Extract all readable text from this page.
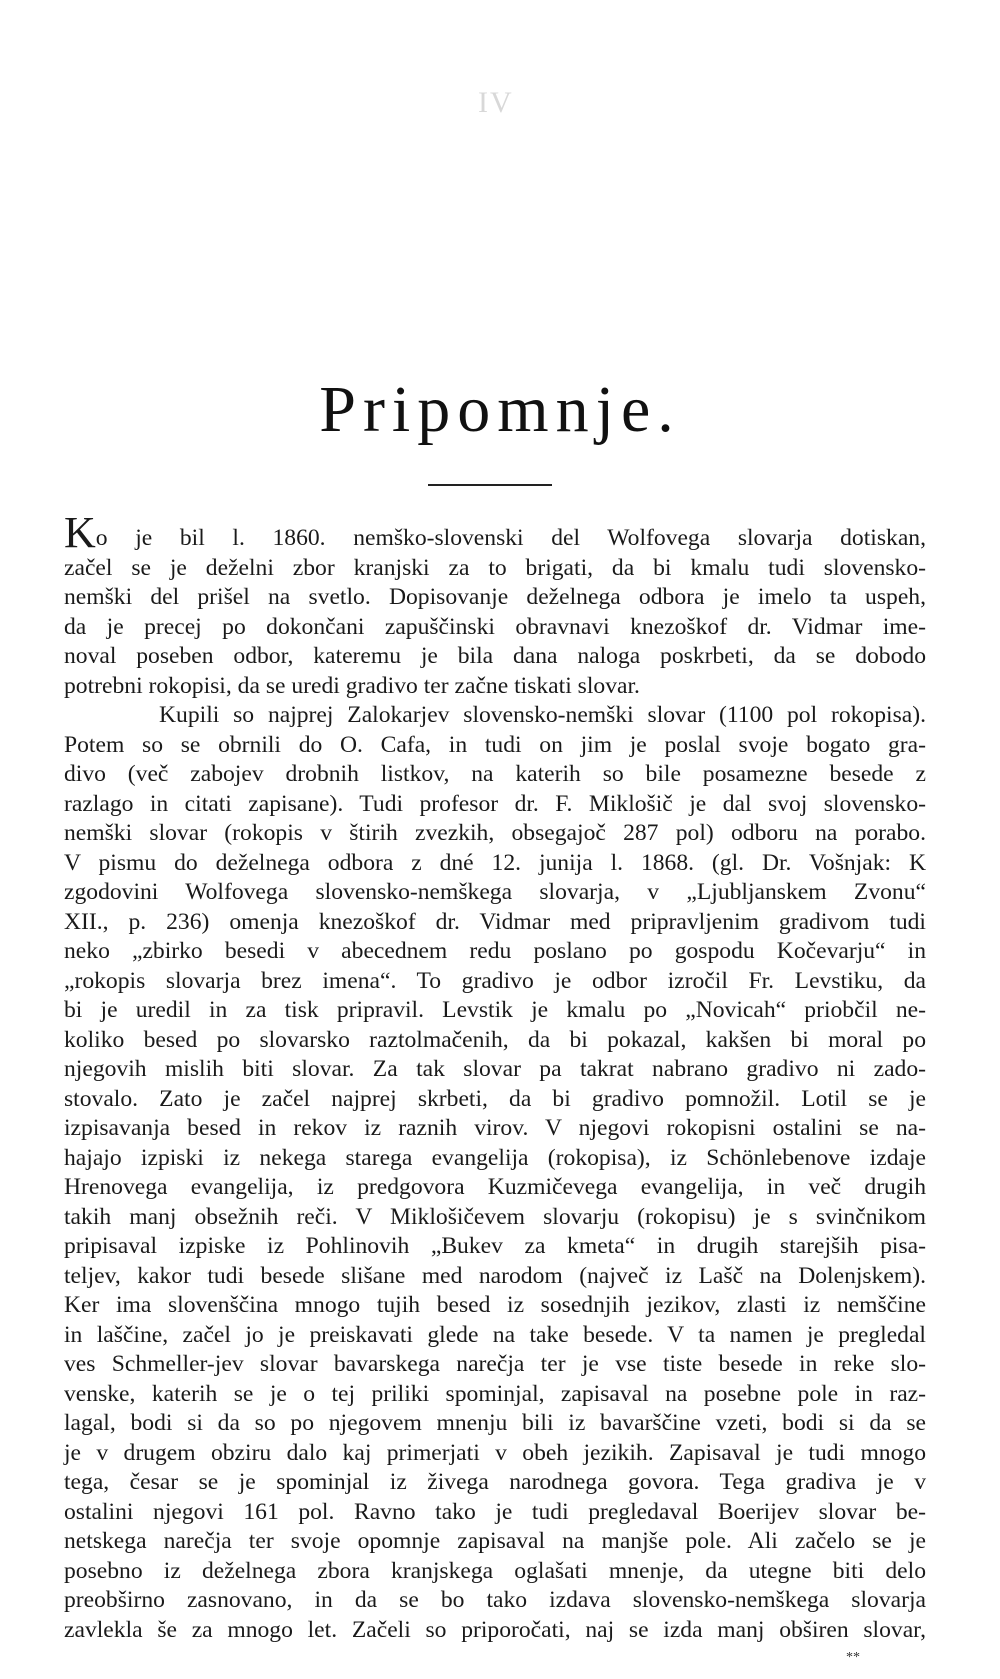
IV
Pripomnje.
Ko je bil l. 1860. nemško-slovenski del Wolfovega slovarja dotiskan,
začel se je deželni zbor kranjski za to brigati, da bi kmalu tudi slovensko-
nemški del prišel na svetlo. Dopisovanje deželnega odbora je imelo ta uspeh,
da je precej po dokončani zapuščinski obravnavi knezoškof dr. Vidmar ime-
noval poseben odbor, kateremu je bila dana naloga poskrbeti, da se dobodo
potrebni rokopisi, da se uredi gradivo ter začne tiskati slovar.
Kupili so najprej Zalokarjev slovensko-nemški slovar (1100 pol rokopisa).
Potem so se obrnili do O. Cafa, in tudi on jim je poslal svoje bogato gra-
divo (več zabojev drobnih listkov, na katerih so bile posamezne besede z
razlago in citati zapisane). Tudi profesor dr. F. Miklošič je dal svoj slovensko-
nemški slovar (rokopis v štirih zvezkih, obsegajoč 287 pol) odboru na porabo.
V pismu do deželnega odbora z dné 12. junija l. 1868. (gl. Dr. Vošnjak: K
zgodovini Wolfovega slovensko-nemškega slovarja, v „Ljubljanskem Zvonu“
XII., p. 236) omenja knezoškof dr. Vidmar med pripravljenim gradivom tudi
neko „zbirko besedi v abecednem redu poslano po gospodu Kočevarju“ in
„rokopis slovarja brez imena“. To gradivo je odbor izročil Fr. Levstiku, da
bi je uredil in za tisk pripravil. Levstik je kmalu po „Novicah“ priobčil ne-
koliko besed po slovarsko raztolmačenih, da bi pokazal, kakšen bi moral po
njegovih mislih biti slovar. Za tak slovar pa takrat nabrano gradivo ni zado-
stovalo. Zato je začel najprej skrbeti, da bi gradivo pomnožil. Lotil se je
izpisavanja besed in rekov iz raznih virov. V njegovi rokopisni ostalini se na-
hajajo izpiski iz nekega starega evangelija (rokopisa), iz Schönlebenove izdaje
Hrenovega evangelija, iz predgovora Kuzmičevega evangelija, in več drugih
takih manj obsežnih reči. V Miklošičevem slovarju (rokopisu) je s svinčnikom
pripisaval izpiske iz Pohlinovih „Bukev za kmeta“ in drugih starejših pisa-
teljev, kakor tudi besede slišane med narodom (največ iz Lašč na Dolenjskem).
Ker ima slovenščina mnogo tujih besed iz sosednjih jezikov, zlasti iz nemščine
in laščine, začel jo je preiskavati glede na take besede. V ta namen je pregledal
ves Schmeller-jev slovar bavarskega narečja ter je vse tiste besede in reke slo-
venske, katerih se je o tej priliki spominjal, zapisaval na posebne pole in raz-
lagal, bodi si da so po njegovem mnenju bili iz bavarščine vzeti, bodi si da se
je v drugem obziru dalo kaj primerjati v obeh jezikih. Zapisaval je tudi mnogo
tega, česar se je spominjal iz živega narodnega govora. Tega gradiva je v
ostalini njegovi 161 pol. Ravno tako je tudi pregledaval Boerijev slovar be-
netskega narečja ter svoje opomnje zapisaval na manjše pole. Ali začelo se je
posebno iz deželnega zbora kranjskega oglašati mnenje, da utegne biti delo
preobširno zasnovano, in da se bo tako izdava slovensko-nemškega slovarja
zavlekla še za mnogo let. Začeli so priporočati, naj se izda manj obširen slovar,
**
